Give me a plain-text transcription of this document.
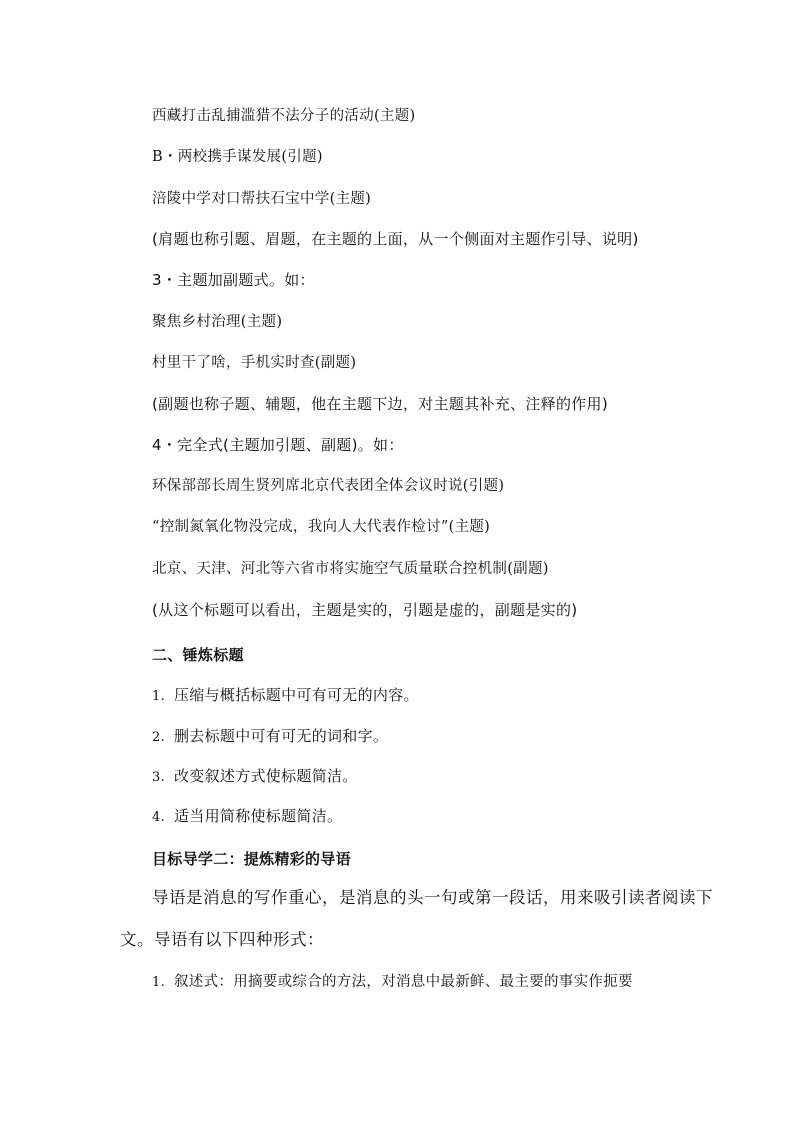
西藏打击乱捕滥猎不法分子的活动(主题)
B・两校携手谋发展(引题)
涪陵中学对口帮扶石宝中学(主题)
(肩题也称引题、眉题，在主题的上面，从一个侧面对主题作引导、说明)
3・主题加副题式。如：
聚焦乡村治理(主题)
村里干了啥，手机实时查(副题)
(副题也称子题、辅题，他在主题下边，对主题其补充、注释的作用)
4・完全式(主题加引题、副题)。如：
环保部部长周生贤列席北京代表团全体会议时说(引题)
“控制氮氧化物没完成，我向人大代表作检讨”(主题)
北京、天津、河北等六省市将实施空气质量联合控机制(副题)
(从这个标题可以看出，主题是实的，引题是虚的，副题是实的)
二、锤炼标题
1. 压缩与概括标题中可有可无的内容。
2. 删去标题中可有可无的词和字。
3. 改变叙述方式使标题简洁。
4. 适当用简称使标题简洁。
目标导学二：提炼精彩的导语
导语是消息的写作重心，是消息的头一句或第一段话，用来吸引读者阅读下
文。导语有以下四种形式：
1. 叙述式：用摘要或综合的方法，对消息中最新鲜、最主要的事实作扼要
